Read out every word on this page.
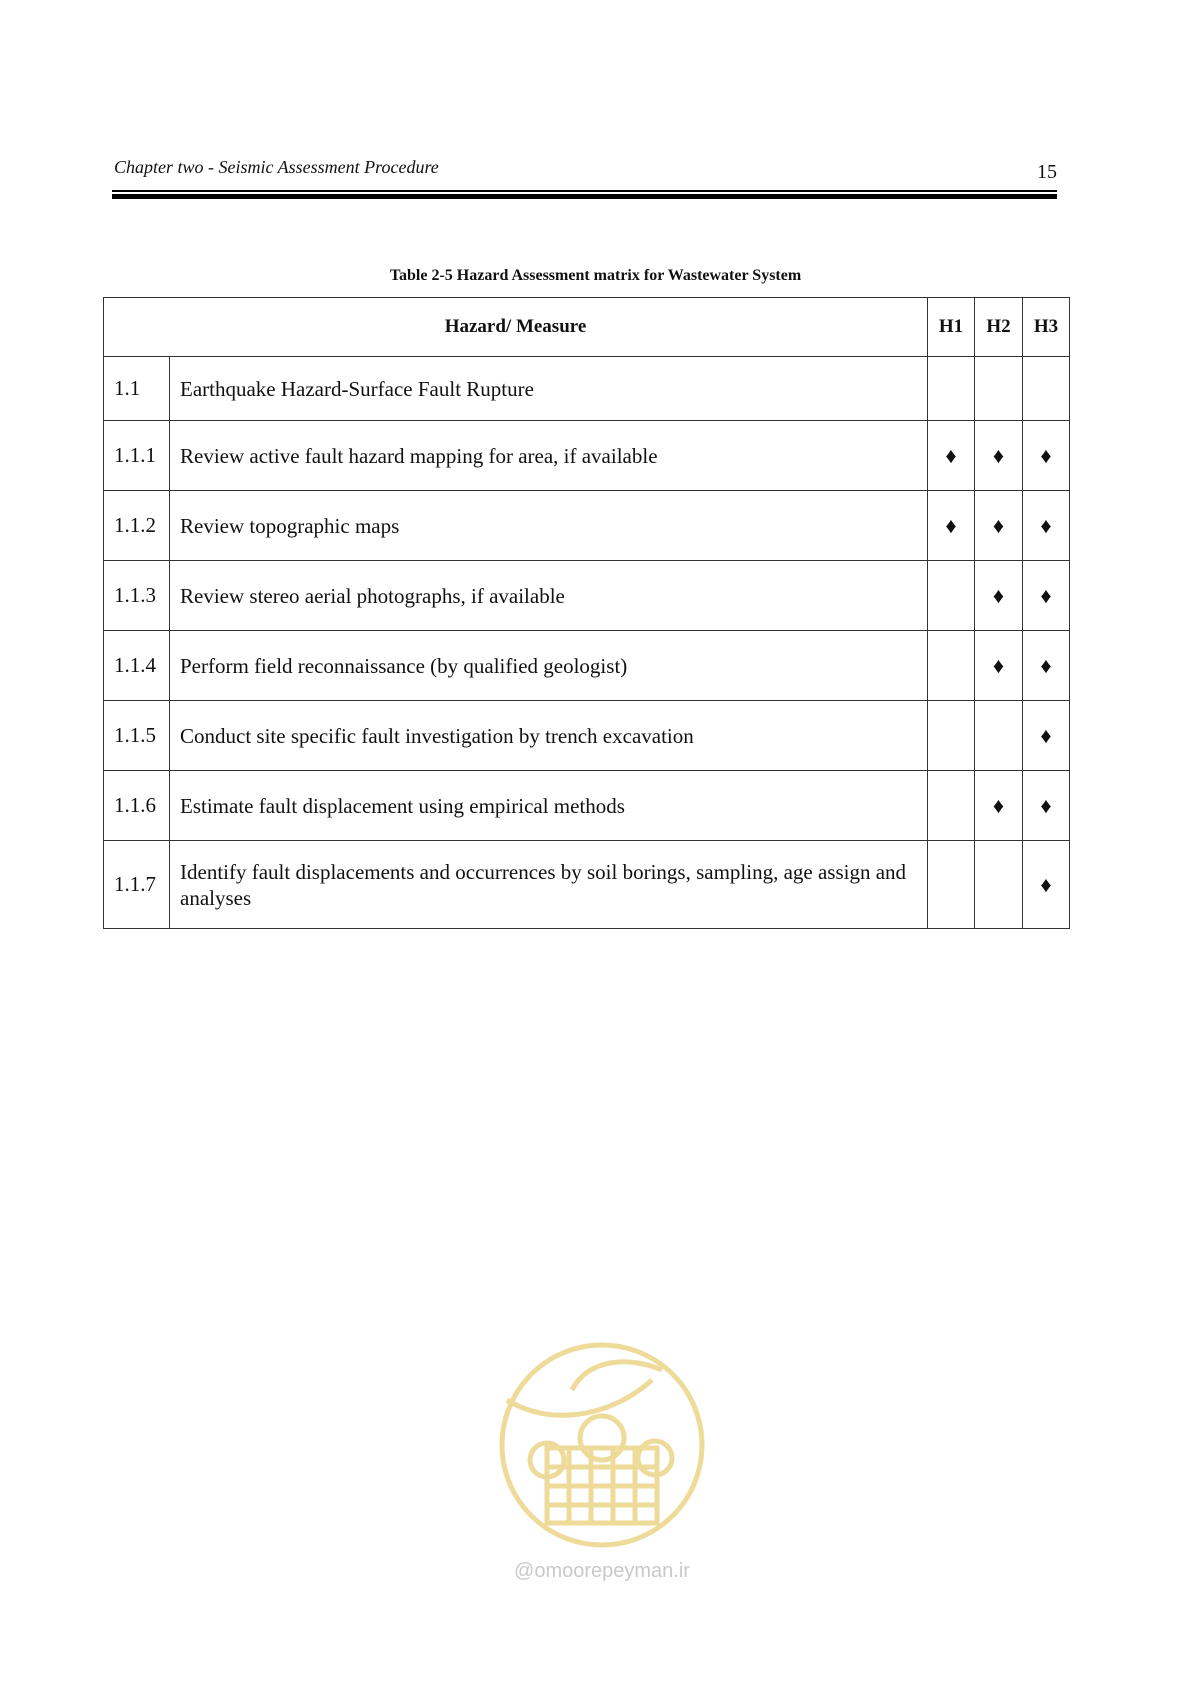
Chapter two - Seismic Assessment Procedure	15
Table 2-5 Hazard Assessment matrix for Wastewater System
Hazard/ Measure		H1	H2	H3
1.1	Earthquake Hazard-Surface Fault Rupture			
1.1.1	Review active fault hazard mapping for area, if available	♦	♦	♦
1.1.2	Review topographic maps	♦	♦	♦
1.1.3	Review stereo aerial photographs, if available		♦	♦
1.1.4	Perform field reconnaissance (by qualified geologist)		♦	♦
1.1.5	Conduct site specific fault investigation by trench excavation			♦
1.1.6	Estimate fault displacement using empirical methods		♦	♦
1.1.7	Identify fault displacements and occurrences by soil borings, sampling, age assign and analyses			♦
@omoorepeyman.ir
